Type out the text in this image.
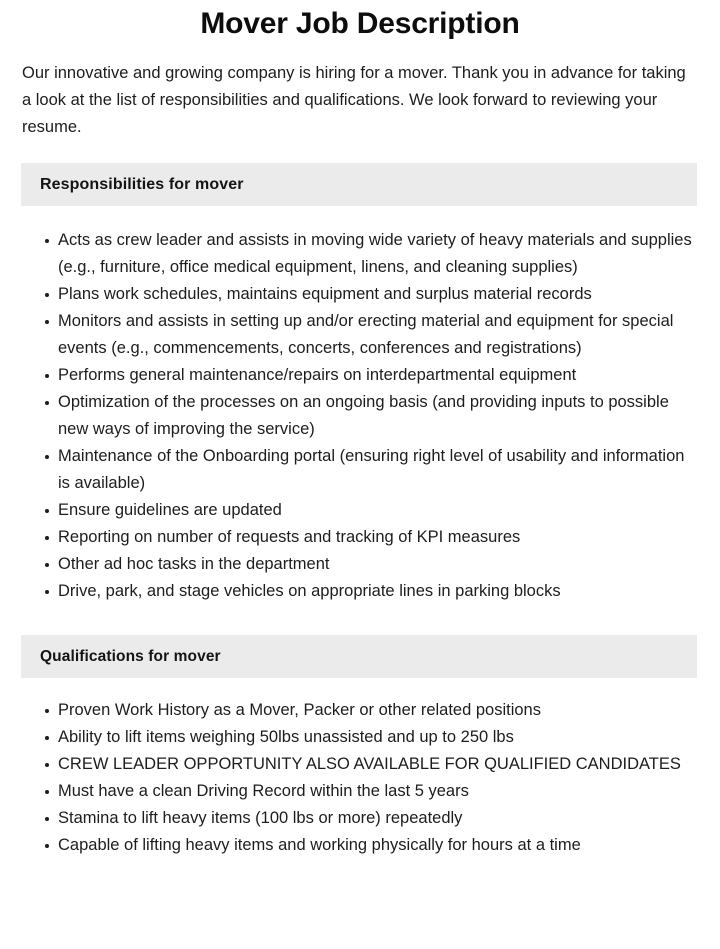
Mover Job Description

Our innovative and growing company is hiring for a mover. Thank you in advance for taking a look at the list of responsibilities and qualifications. We look forward to reviewing your resume.

Responsibilities for mover
Acts as crew leader and assists in moving wide variety of heavy materials and supplies (e.g., furniture, office medical equipment, linens, and cleaning supplies)
Plans work schedules, maintains equipment and surplus material records
Monitors and assists in setting up and/or erecting material and equipment for special events (e.g., commencements, concerts, conferences and registrations)
Performs general maintenance/repairs on interdepartmental equipment
Optimization of the processes on an ongoing basis (and providing inputs to possible new ways of improving the service)
Maintenance of the Onboarding portal (ensuring right level of usability and information is available)
Ensure guidelines are updated
Reporting on number of requests and tracking of KPI measures
Other ad hoc tasks in the department
Drive, park, and stage vehicles on appropriate lines in parking blocks
Qualifications for mover
Proven Work History as a Mover, Packer or other related positions
Ability to lift items weighing 50lbs unassisted and up to 250 lbs
CREW LEADER OPPORTUNITY ALSO AVAILABLE FOR QUALIFIED CANDIDATES
Must have a clean Driving Record within the last 5 years
Stamina to lift heavy items (100 lbs or more) repeatedly
Capable of lifting heavy items and working physically for hours at a time
